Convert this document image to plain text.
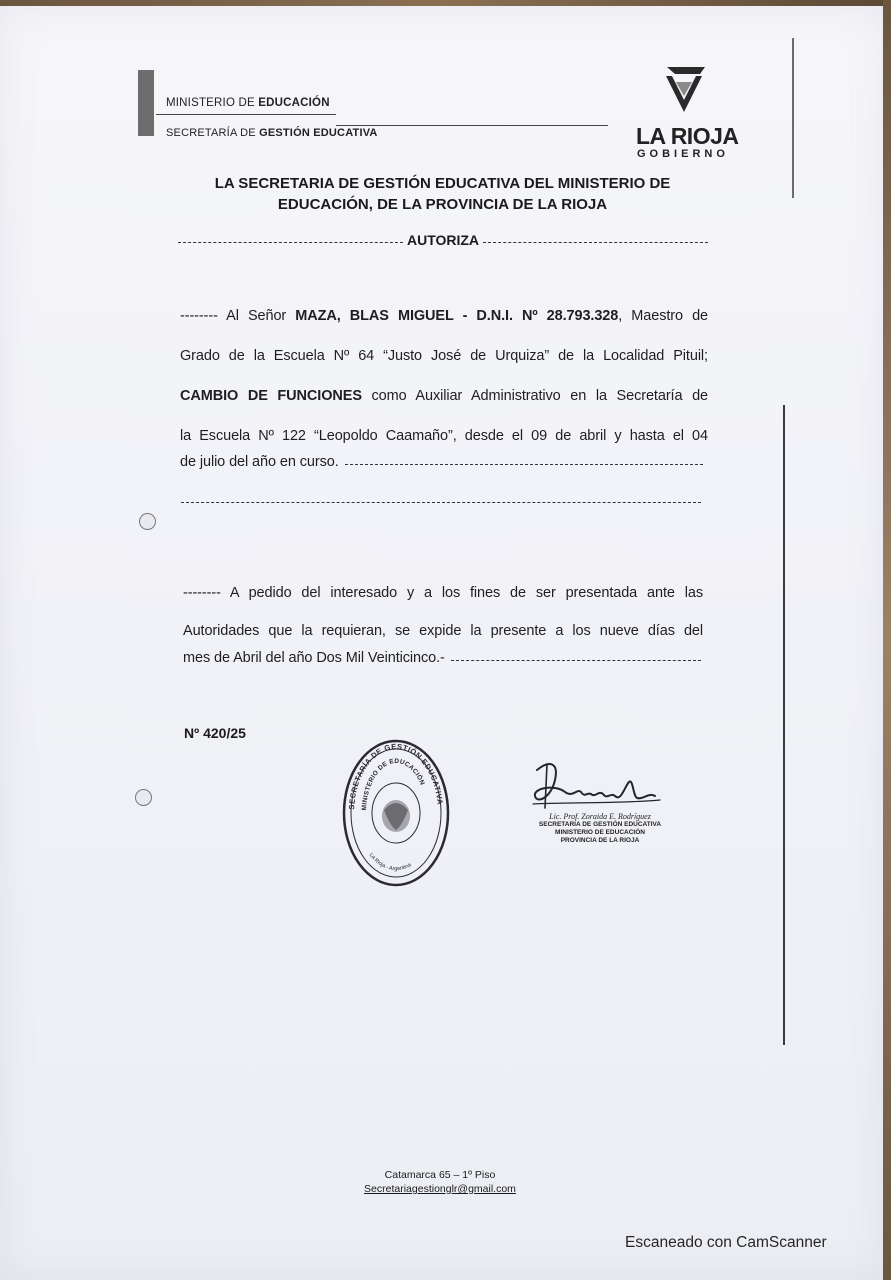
MINISTERIO DE EDUCACIÓN
SECRETARÍA DE GESTIÓN EDUCATIVA	LA RIOJA
GOBIERNO
LA SECRETARIA DE GESTIÓN EDUCATIVA DEL MINISTERIO DE
EDUCACIÓN, DE LA PROVINCIA DE LA RIOJA
AUTORIZA
-------- Al Señor MAZA, BLAS MIGUEL - D.N.I. Nº 28.793.328, Maestro de
Grado de la Escuela Nº 64 “Justo José de Urquiza” de la Localidad Pituil;
CAMBIO DE FUNCIONES como Auxiliar Administrativo en la Secretaría de
la Escuela Nº 122 “Leopoldo Caamaño”, desde el 09 de abril y hasta el 04
de julio del año en curso.
-------- A pedido del interesado y a los fines de ser presentada ante las
Autoridades que la requieran, se expide la presente a los nueve días del
mes de Abril del año Dos Mil Veinticinco.-
Nº 420/25
SECRETARÍA DE GESTIÓN EDUCATIVA
MINISTERIO DE EDUCACIÓN
La Rioja - Argentina
Lic. Prof. Zoraida E. Rodríguez
SECRETARIA DE GESTIÓN EDUCATIVA
MINISTERIO DE EDUCACIÓN
PROVINCIA DE LA RIOJA
Catamarca 65 – 1º Piso
Secretariagestionglr@gmail.com
Escaneado con CamScanner
